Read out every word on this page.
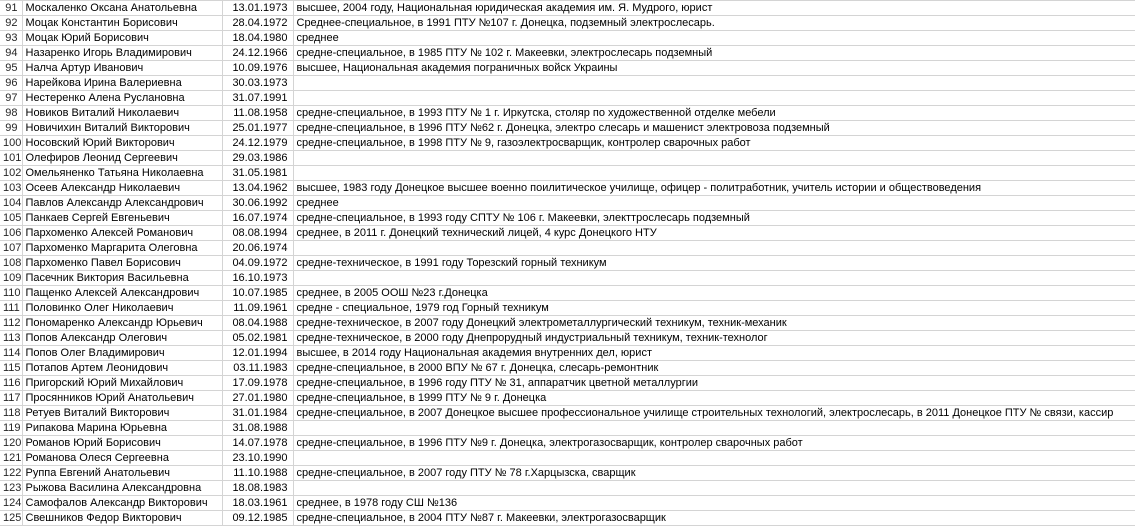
91	Москаленко Оксана Анатольевна	13.01.1973	высшее, 2004 году, Национальная юридическая академия им. Я. Мудрого, юрист
92	Моцак Константин Борисович	28.04.1972	Среднее-специальное, в 1991 ПТУ №107 г. Донецка, подземный электрослесарь.
93	Моцак Юрий Борисович	18.04.1980	среднее
94	Назаренко Игорь Владимирович	24.12.1966	средне-специальное, в 1985 ПТУ № 102 г. Макеевки, электрослесарь подземный
95	Налча Артур Иванович	10.09.1976	высшее, Национальная академия пограничных войск Украины
96	Нарейкова Ирина Валериевна	30.03.1973	
97	Нестеренко Алена Руслановна	31.07.1991	
98	Новиков Виталий Николаевич	11.08.1958	средне-специальное, в 1993 ПТУ № 1 г. Иркутска, столяр по художественной отделке мебели
99	Новичихин Виталий Викторович	25.01.1977	средне-специальное, в 1996 ПТУ №62 г. Донецка, электро слесарь и машенист электровоза подземный
100	Носовский Юрий Викторович	24.12.1979	средне-специальное, в 1998 ПТУ № 9, газоэлектросварщик, контролер сварочных работ
101	Олефиров Леонид Сергеевич	29.03.1986	
102	Омельяненко Татьяна Николаевна	31.05.1981	
103	Осеев Александр Николаевич	13.04.1962	высшее, 1983 году Донецкое высшее военно поилитическое училище, офицер - политработник, учитель истории и обществоведения
104	Павлов Александр Александрович	30.06.1992	среднее
105	Панкаев Сергей Евгеньевич	16.07.1974	средне-специальное, в 1993 году СПТУ № 106 г. Макеевки, электтрослесарь подземный
106	Пархоменко Алексей Романович	08.08.1994	среднее, в 2011 г. Донецкий технический лицей, 4 курс Донецкого НТУ
107	Пархоменко Маргарита Олеговна	20.06.1974	
108	Пархоменко Павел Борисович	04.09.1972	средне-техническое, в 1991 году Торезский горный техникум
109	Пасечник Виктория Васильевна	16.10.1973	
110	Пащенко Алексей Александрович	10.07.1985	среднее, в 2005 ООШ №23 г.Донецка
111	Половинко Олег Николаевич	11.09.1961	средне - специальное, 1979 год Горный техникум
112	Пономаренко Александр Юрьевич	08.04.1988	средне-техническое, в 2007 году Донецкий электрометаллургический техникум, техник-механик
113	Попов Александр Олегович	05.02.1981	средне-техническое, в 2000 году Днепрорудный индустриальный техникум, техник-технолог
114	Попов Олег Владимирович	12.01.1994	высшее, в 2014 году Национальная академия внутренних дел, юрист
115	Потапов Артем Леонидович	03.11.1983	средне-специальное, в 2000 ВПУ № 67 г. Донецка, слесарь-ремонтник
116	Пригорский Юрий Михайлович	17.09.1978	средне-специальное, в 1996 году ПТУ № 31, аппаратчик цветной металлургии
117	Просянников Юрий Анатольевич	27.01.1980	средне-специальное, в 1999 ПТУ № 9 г. Донецка
118	Ретуев Виталий Викторович	31.01.1984	средне-специальное, в 2007 Донецкое высшее профессиональное училище строительных технологий, электрослесарь, в 2011 Донецкое ПТУ № связи, кассир
119	Рипакова Марина Юрьевна	31.08.1988	
120	Романов Юрий Борисович	14.07.1978	средне-специальное, в 1996 ПТУ №9 г. Донецка, электрогазосварщик, контролер сварочных работ
121	Романова Олеся Сергеевна	23.10.1990	
122	Руппа Евгений Анатольевич	11.10.1988	средне-специальное, в 2007 году ПТУ № 78 г.Харцызска, сварщик
123	Рыжова Василина Александровна	18.08.1983	
124	Самофалов Александр Викторович	18.03.1961	среднее, в 1978 году СШ №136
125	Свешников Федор Викторович	09.12.1985	средне-специальное, в 2004 ПТУ №87 г. Макеевки, электрогазосварщик
